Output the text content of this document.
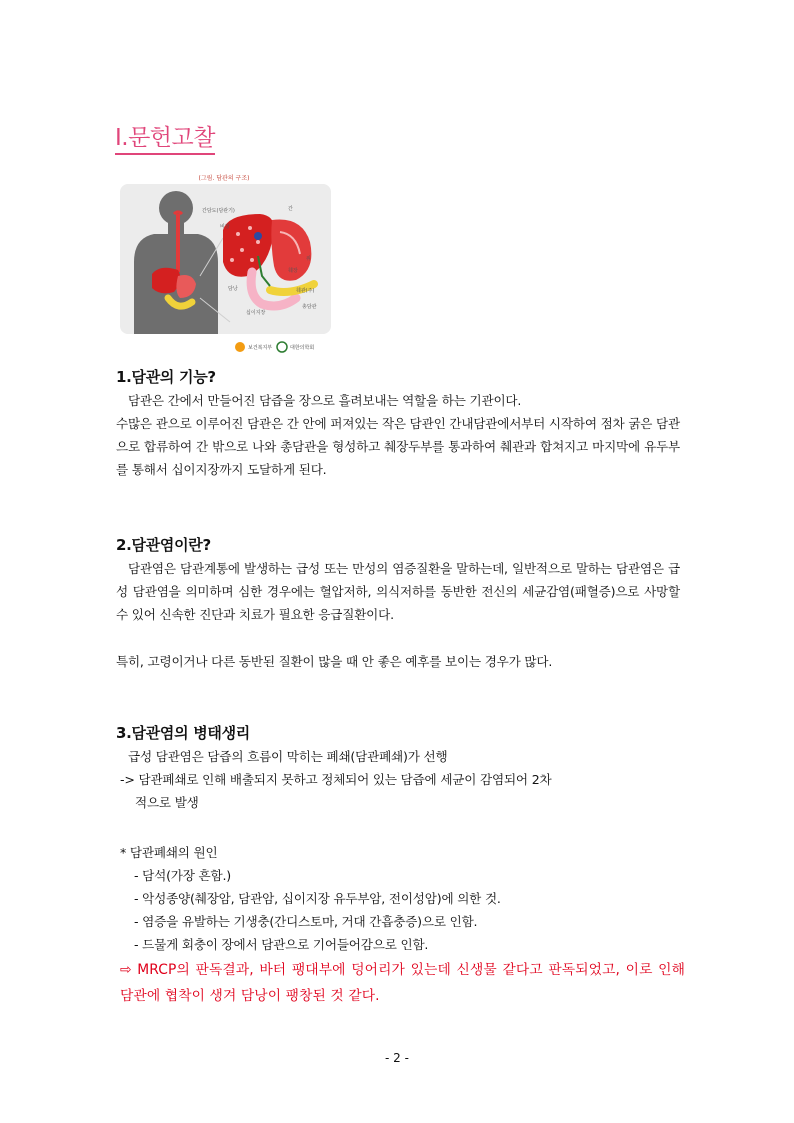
Ⅰ.문헌고찰
(그림. 담관의 구조)
간담도(담관기)	간
위
췌장
담낭	췌관(주)
총담관
십이지장
비장
보건복지부	대한의학회
1.담관의 기능?
담관은 간에서 만들어진 담즙을 장으로 흘려보내는 역할을 하는 기관이다.
수많은 관으로 이루어진 담관은 간 안에 퍼져있는 작은 담관인 간내담관에서부터 시작하여 점차 굵은 담관으로 합류하여 간 밖으로 나와 총담관을 형성하고 췌장두부를 통과하여 췌관과 합쳐지고 마지막에 유두부를 통해서 십이지장까지 도달하게 된다.
2.담관염이란?
담관염은 담관계통에 발생하는 급성 또는 만성의 염증질환을 말하는데, 일반적으로 말하는 담관염은 급성 담관염을 의미하며 심한 경우에는 혈압저하, 의식저하를 동반한 전신의 세균감염(패혈증)으로 사망할 수 있어 신속한 진단과 치료가 필요한 응급질환이다.
특히, 고령이거나 다른 동반된 질환이 많을 때 안 좋은 예후를 보이는 경우가 많다.
3.담관염의 병태생리
급성 담관염은 담즙의 흐름이 막히는 폐쇄(담관폐쇄)가 선행
-> 담관폐쇄로 인해 배출되지 못하고 정체되어 있는 담즙에 세균이 감염되어 2차
적으로 발생
* 담관폐쇄의 원인
- 담석(가장 흔함.)
- 악성종양(췌장암, 담관암, 십이지장 유두부암, 전이성암)에 의한 것.
- 염증을 유발하는 기생충(간디스토마, 거대 간흡충증)으로 인함.
- 드물게 회충이 장에서 담관으로 기어들어감으로 인함.
⇨ MRCP의 판독결과, 바터 팽대부에 덩어리가 있는데 신생물 같다고 판독되었고, 이로 인해 담관에 협착이 생겨 담낭이 팽창된 것 같다.
- 2 -
